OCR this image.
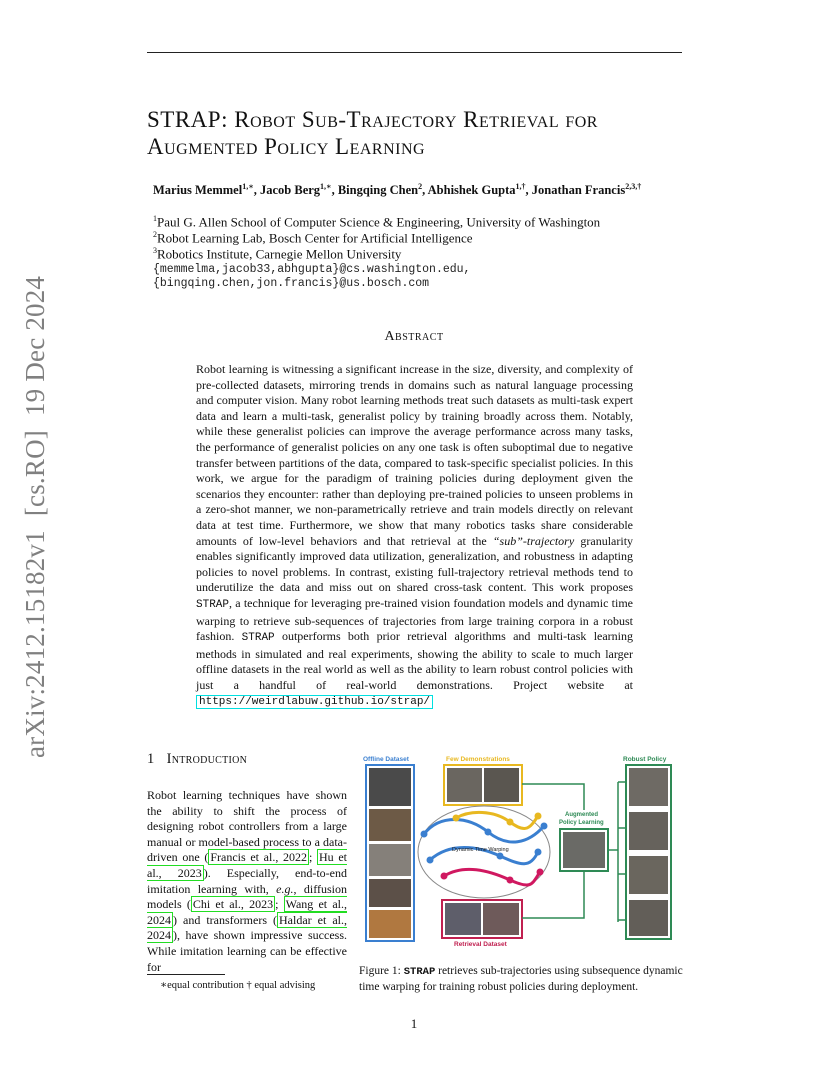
arXiv:2412.15182v1[cs.RO]19 Dec 2024
STRAP: Robot Sub-Trajectory Retrieval for
Augmented Policy Learning
Marius Memmel$^{1,∗}$, Jacob Berg$^{1,∗}$, Bingqing Chen$^2$, Abhishek Gupta$^{1,\dagger}$, Jonathan Francis$^{2,3,\dagger}$
$^1$Paul G. Allen School of Computer Science & Engineering, University of Washington
$^2$Robot Learning Lab, Bosch Center for Artificial Intelligence
$^3$Robotics Institute, Carnegie Mellon University
{memmelma,jacob33,abhgupta}@cs.washington.edu,
{bingqing.chen,jon.francis}@us.bosch.com
Abstract
Robot learning is witnessing a significant increase in the size, diversity, and complexity of pre-collected datasets, mirroring trends in domains such as natural language processing and computer vision. Many robot learning methods treat such datasets as multi-task expert data and learn a multi-task, generalist policy by training broadly across them. Notably, while these generalist policies can improve the average performance across many tasks, the performance of generalist policies on any one task is often suboptimal due to negative transfer between partitions of the data, compared to task-specific specialist policies. In this work, we argue for the paradigm of training policies during deployment given the scenarios they encounter: rather than deploying pre-trained policies to unseen problems in a zero-shot manner, we non-parametrically retrieve and train models directly on relevant data at test time. Furthermore, we show that many robotics tasks share considerable amounts of low-level behaviors and that retrieval at the “sub”-trajectory granularity enables significantly improved data utilization, generalization, and robustness in adapting policies to novel problems. In contrast, existing full-trajectory retrieval methods tend to underutilize the data and miss out on shared cross-task content. This work proposes STRAP, a technique for leveraging pre-trained vision foundation models and dynamic time warping to retrieve sub-sequences of trajectories from large training corpora in a robust fashion. STRAP outperforms both prior retrieval algorithms and multi-task learning methods in simulated and real experiments, showing the ability to scale to much larger offline datasets in the real world as well as the ability to learn robust control policies with just a handful of real-world demonstrations. Project website at https://weirdlabuw.github.io/strap/
1 Introduction
Robot learning techniques have shown the ability to shift the process of designing robot controllers from a large manual or model-based process to a data-driven one ( Francis et al., 2022 ; Hu et al., 2023 ). Especially, end-to-end imitation learning with, e.g., diffusion models ( Chi et al., 2023 ; Wang et al., 2024 ) and transformers ( Haldar et al., 2024 ), have shown impressive success. While imitation learning can be effective for
∗equal contribution † equal advising
Offline Dataset	Few Demonstrations
Dynamic Time Warping
Retrieval Dataset
Augmented
Policy Learning
Robust Policy
Figure 1: STRAP retrieves sub-trajectories using subsequence dynamic time warping for training robust policies during deployment.
1
